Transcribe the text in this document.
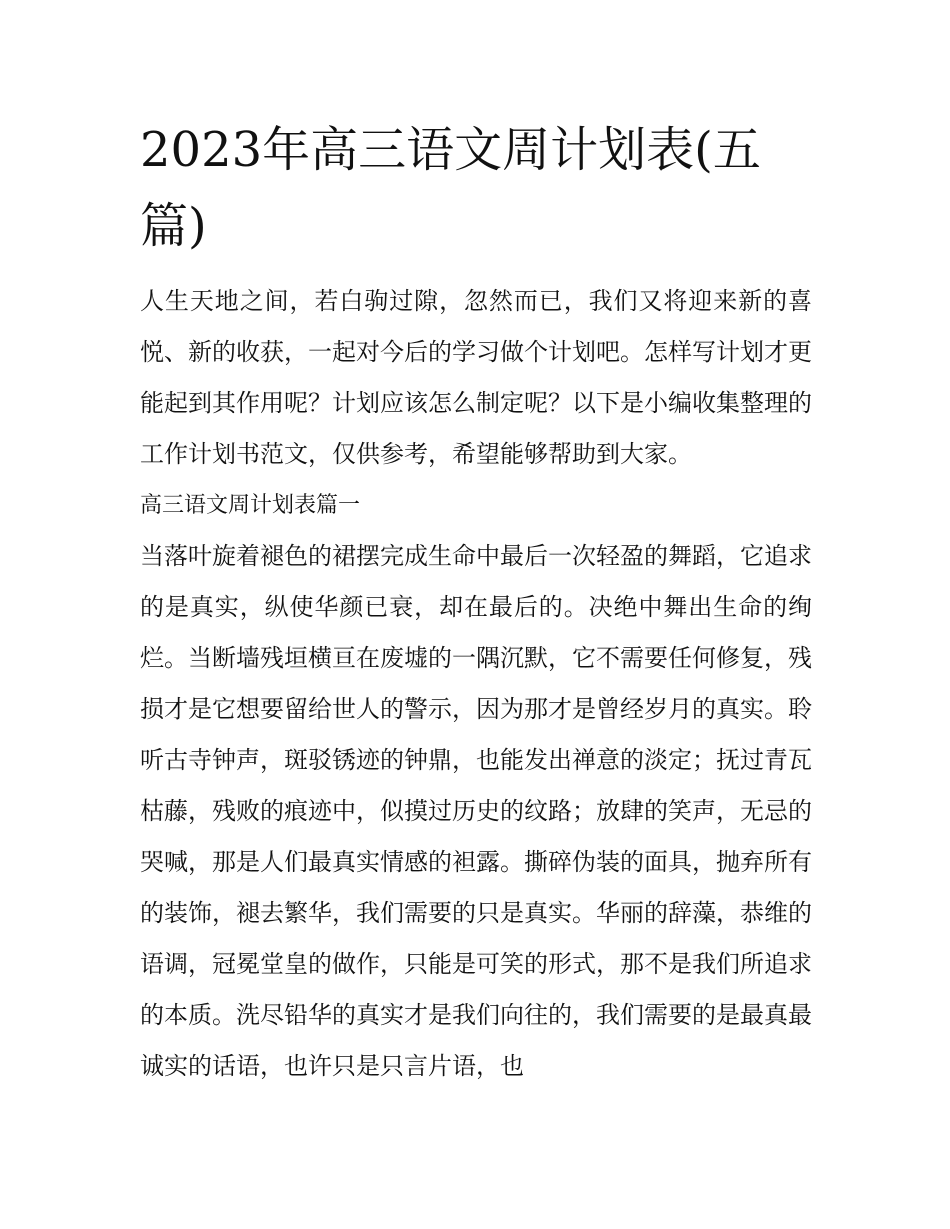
2023年高三语文周计划表(五篇)

人生天地之间，若白驹过隙，忽然而已，我们又将迎来新的喜悦、新的收获，一起对今后的学习做个计划吧。怎样写计划才更能起到其作用呢？计划应该怎么制定呢？以下是小编收集整理的工作计划书范文，仅供参考，希望能够帮助到大家。

高三语文周计划表篇一

当落叶旋着褪色的裙摆完成生命中最后一次轻盈的舞蹈，它追求的是真实，纵使华颜已衰，却在最后的。决绝中舞出生命的绚烂。当断墙残垣横亘在废墟的一隅沉默，它不需要任何修复，残损才是它想要留给世人的警示，因为那才是曾经岁月的真实。聆听古寺钟声，斑驳锈迹的钟鼎，也能发出禅意的淡定；抚过青瓦枯藤，残败的痕迹中，似摸过历史的纹路；放肆的笑声，无忌的哭喊，那是人们最真实情感的袒露。撕碎伪装的面具，抛弃所有的装饰，褪去繁华，我们需要的只是真实。华丽的辞藻，恭维的语调，冠冕堂皇的做作，只能是可笑的形式，那不是我们所追求的本质。洗尽铅华的真实才是我们向往的，我们需要的是最真最诚实的话语，也许只是只言片语，也
